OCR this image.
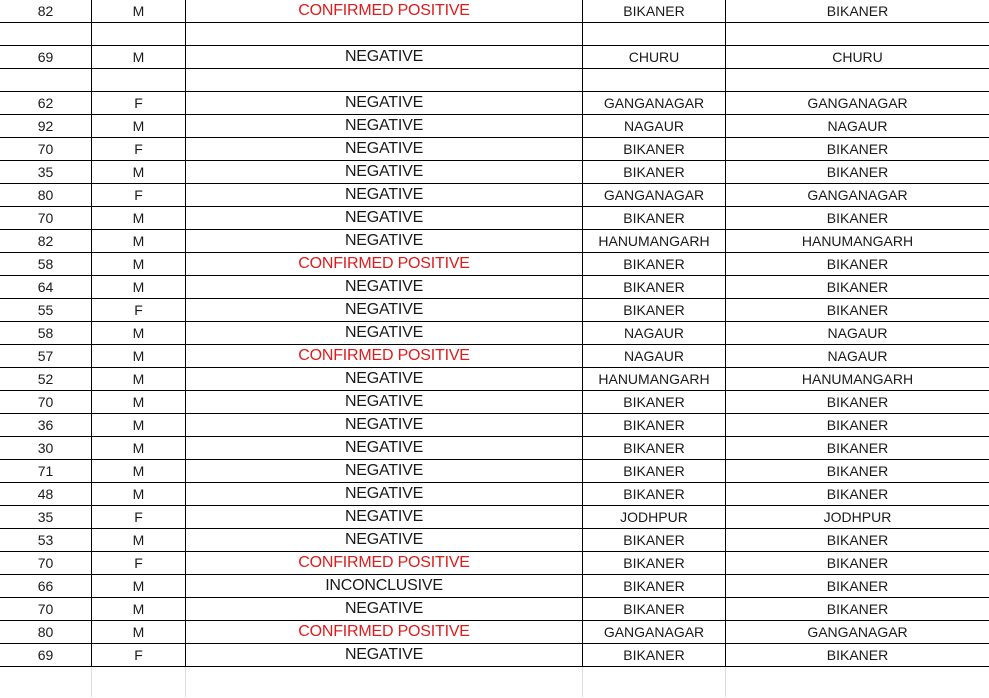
82	M	CONFIRMED POSITIVE	BIKANER	BIKANER

69	M	NEGATIVE	CHURU	CHURU

62	F	NEGATIVE	GANGANAGAR	GANGANAGAR
92	M	NEGATIVE	NAGAUR	NAGAUR
70	F	NEGATIVE	BIKANER	BIKANER
35	M	NEGATIVE	BIKANER	BIKANER
80	F	NEGATIVE	GANGANAGAR	GANGANAGAR
70	M	NEGATIVE	BIKANER	BIKANER
82	M	NEGATIVE	HANUMANGARH	HANUMANGARH
58	M	CONFIRMED POSITIVE	BIKANER	BIKANER
64	M	NEGATIVE	BIKANER	BIKANER
55	F	NEGATIVE	BIKANER	BIKANER
58	M	NEGATIVE	NAGAUR	NAGAUR
57	M	CONFIRMED POSITIVE	NAGAUR	NAGAUR
52	M	NEGATIVE	HANUMANGARH	HANUMANGARH
70	M	NEGATIVE	BIKANER	BIKANER
36	M	NEGATIVE	BIKANER	BIKANER
30	M	NEGATIVE	BIKANER	BIKANER
71	M	NEGATIVE	BIKANER	BIKANER
48	M	NEGATIVE	BIKANER	BIKANER
35	F	NEGATIVE	JODHPUR	JODHPUR
53	M	NEGATIVE	BIKANER	BIKANER
70	F	CONFIRMED POSITIVE	BIKANER	BIKANER
66	M	INCONCLUSIVE	BIKANER	BIKANER
70	M	NEGATIVE	BIKANER	BIKANER
80	M	CONFIRMED POSITIVE	GANGANAGAR	GANGANAGAR
69	F	NEGATIVE	BIKANER	BIKANER
